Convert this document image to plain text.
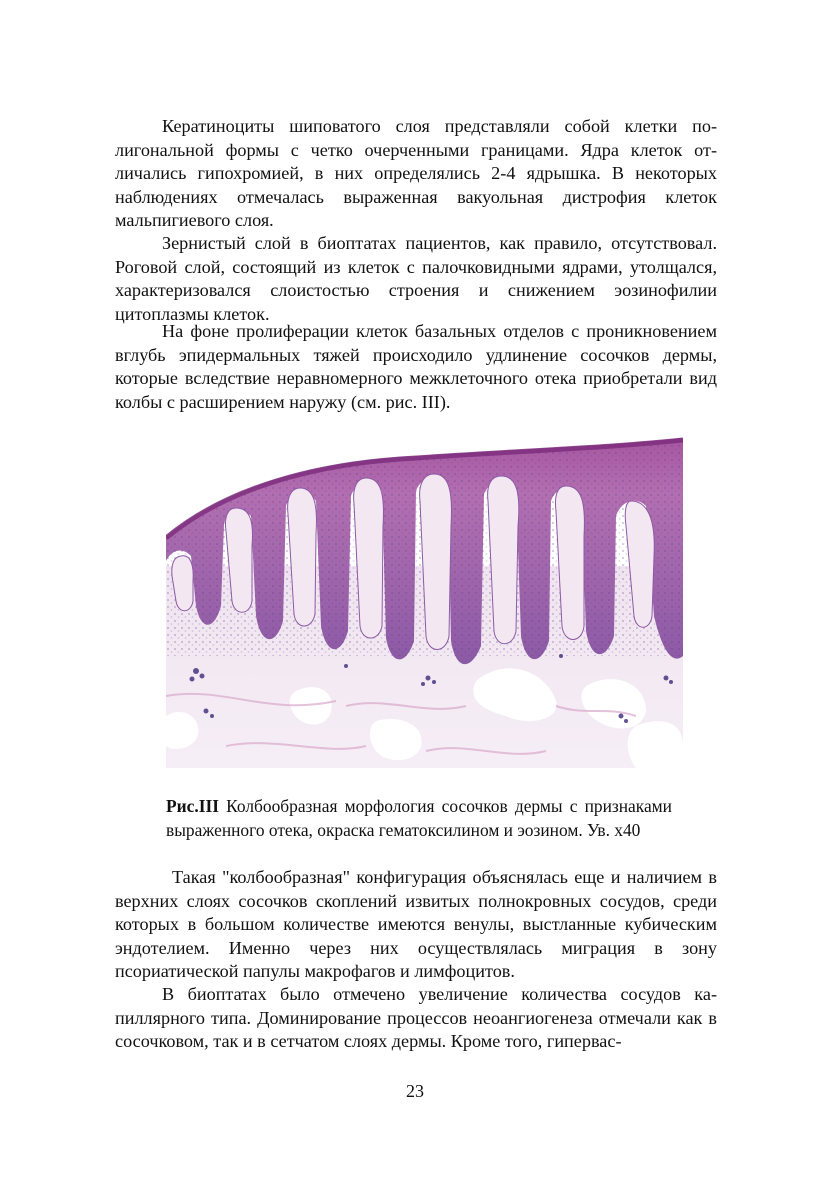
Кератиноциты шиповатого слоя представляли собой клетки полигональной формы с четко очерченными границами. Ядра клеток отличались гипохромией, в них определялись 2-4 ядрышка. В некоторых наблюдениях отмечалась выраженная вакуольная дистрофия клеток мальпигиевого слоя.

Зернистый слой в биоптатах пациентов, как правило, отсутствовал. Роговой слой, состоящий из клеток с палочковидными ядрами, утолщался, характеризовался слоистостью строения и снижением эозинофилии цитоплазмы клеток.

На фоне пролиферации клеток базальных отделов с проникновением вглубь эпидермальных тяжей происходило удлинение сосочков дермы, которые вследствие неравномерного межклеточного отека приобретали вид колбы с расширением наружу (см. рис. III).

Рис.III Колбообразная морфология сосочков дермы с признаками выраженного отека, окраска гематоксилином и эозином. Ув. х40

Такая "колбообразная" конфигурация объяснялась еще и наличием в верхних слоях сосочков скоплений извитых полнокровных сосудов, среди которых в большом количестве имеются венулы, выстланные кубическим эндотелием. Именно через них осуществлялась миграция в зону псориатической папулы макрофагов и лимфоцитов.

В биоптатах было отмечено увеличение количества сосудов капиллярного типа. Доминирование процессов неоангиогенеза отмечали как в сосочковом, так и в сетчатом слоях дермы. Кроме того, гипервас-

23
